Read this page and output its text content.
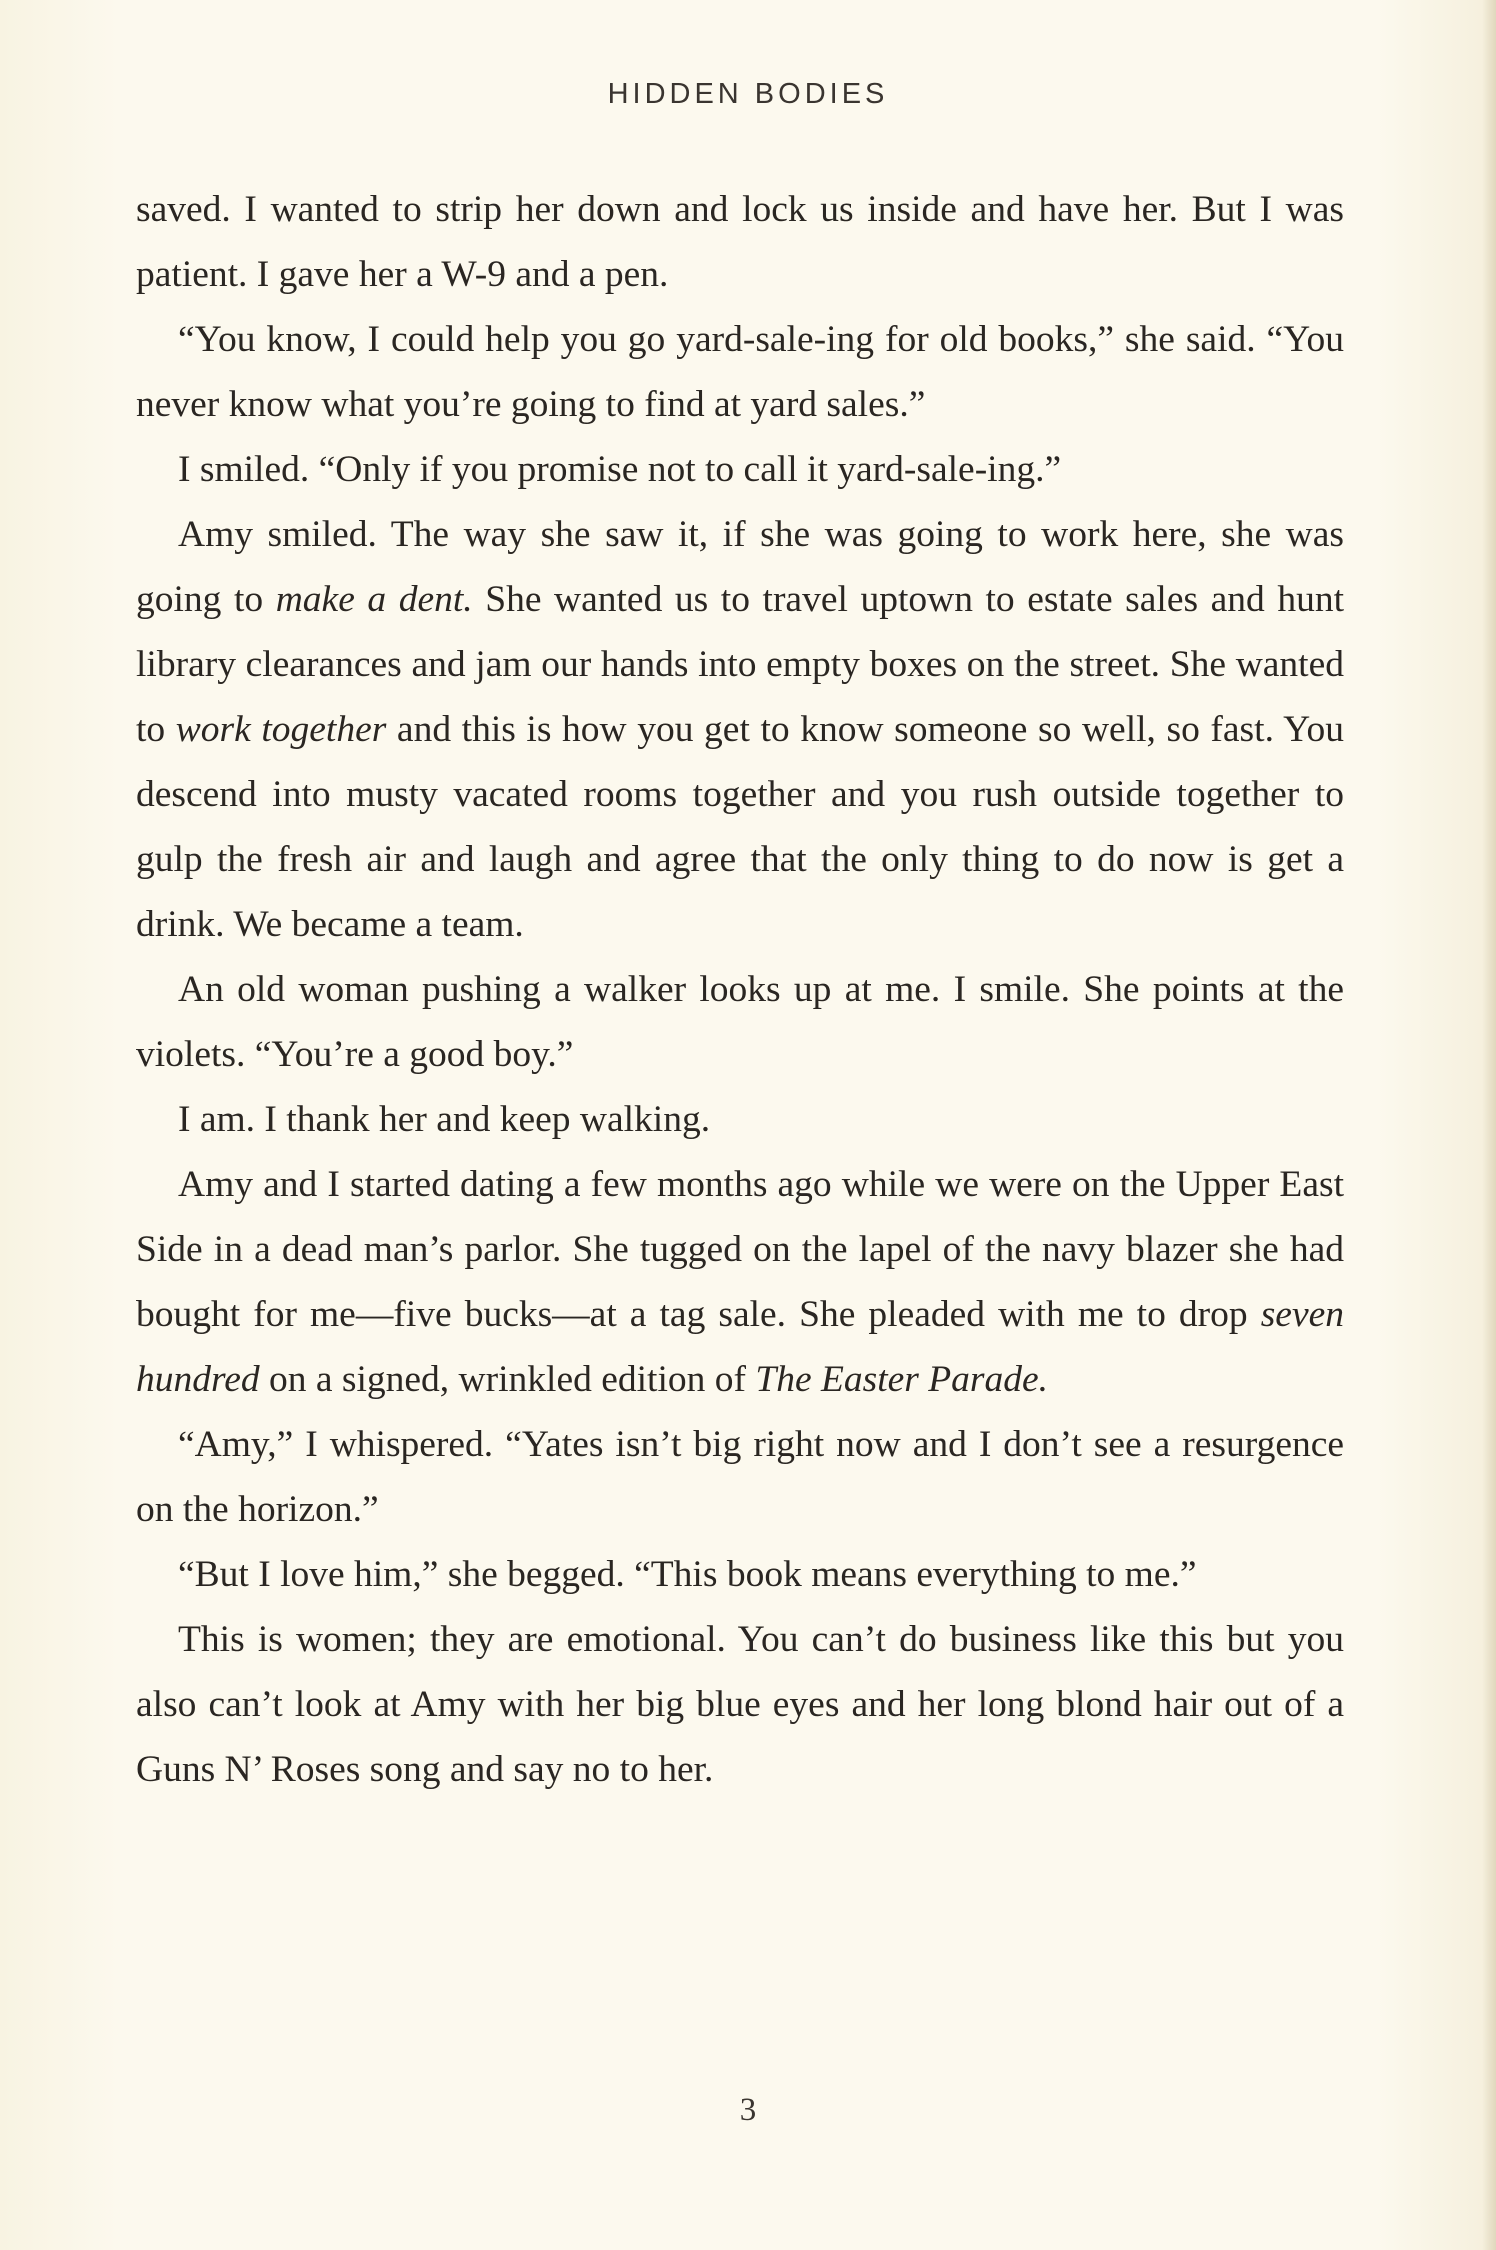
HIDDEN BODIES

saved. I wanted to strip her down and lock us inside and have her. But I was patient. I gave her a W-9 and a pen.

“You know, I could help you go yard-sale-ing for old books,” she said. “You never know what you’re going to find at yard sales.”

I smiled. “Only if you promise not to call it yard-sale-ing.”

Amy smiled. The way she saw it, if she was going to work here, she was going to make a dent. She wanted us to travel uptown to estate sales and hunt library clearances and jam our hands into empty boxes on the street. She wanted to work together and this is how you get to know someone so well, so fast. You descend into musty vacated rooms together and you rush outside together to gulp the fresh air and laugh and agree that the only thing to do now is get a drink. We became a team.

An old woman pushing a walker looks up at me. I smile. She points at the violets. “You’re a good boy.”

I am. I thank her and keep walking.

Amy and I started dating a few months ago while we were on the Upper East Side in a dead man’s parlor. She tugged on the lapel of the navy blazer she had bought for me—five bucks—at a tag sale. She pleaded with me to drop seven hundred on a signed, wrinkled edition of The Easter Parade.

“Amy,” I whispered. “Yates isn’t big right now and I don’t see a resurgence on the horizon.”

“But I love him,” she begged. “This book means everything to me.”

This is women; they are emotional. You can’t do business like this but you also can’t look at Amy with her big blue eyes and her long blond hair out of a Guns N’ Roses song and say no to her.

3
